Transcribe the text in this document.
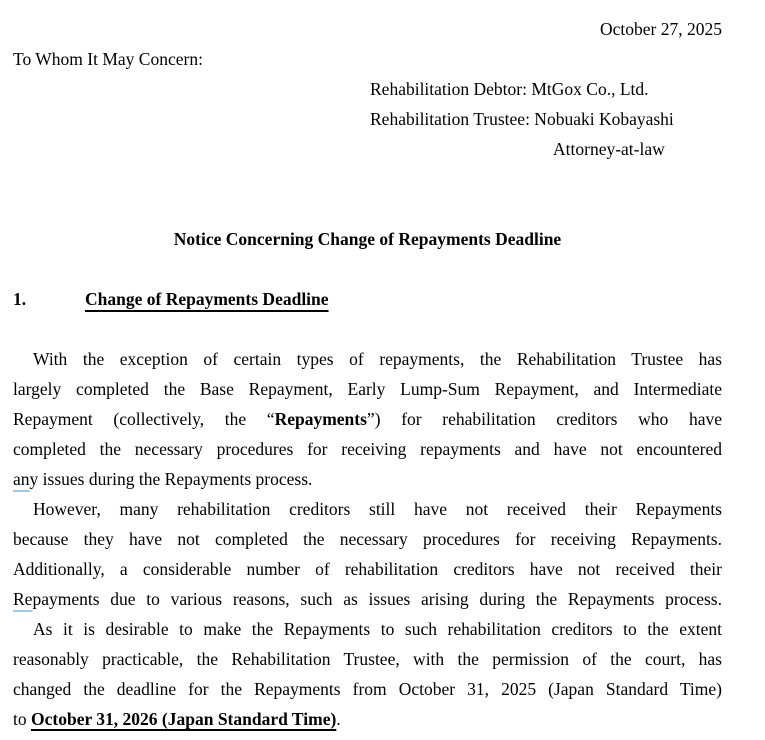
October 27, 2025
To Whom It May Concern:
Rehabilitation Debtor: MtGox Co., Ltd.
Rehabilitation Trustee: Nobuaki Kobayashi
Attorney-at-law
Notice Concerning Change of Repayments Deadline
1.	Change of Repayments Deadline
With the exception of certain types of repayments, the Rehabilitation Trustee has
largely completed the Base Repayment, Early Lump-Sum Repayment, and Intermediate
Repayment (collectively, the “Repayments”) for rehabilitation creditors who have
completed the necessary procedures for receiving repayments and have not encountered
any issues during the Repayments process.
However, many rehabilitation creditors still have not received their Repayments
because they have not completed the necessary procedures for receiving Repayments.
Additionally, a considerable number of rehabilitation creditors have not received their
Repayments due to various reasons, such as issues arising during the Repayments process.
As it is desirable to make the Repayments to such rehabilitation creditors to the extent
reasonably practicable, the Rehabilitation Trustee, with the permission of the court, has
changed the deadline for the Repayments from October 31, 2025 (Japan Standard Time)
to October 31, 2026 (Japan Standard Time).
